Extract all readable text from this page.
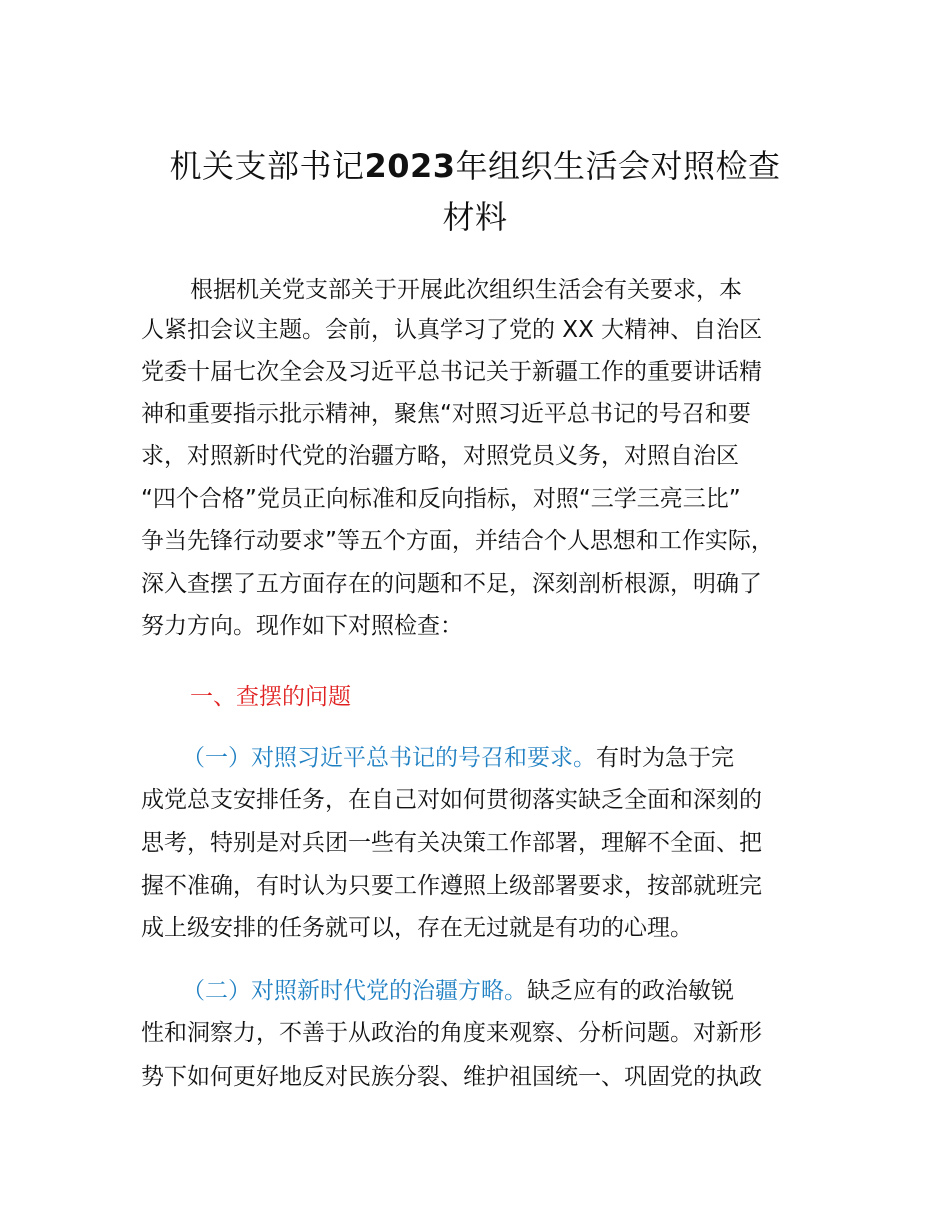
机关支部书记2023年组织生活会对照检查
材料
根据机关党支部关于开展此次组织生活会有关要求，本
人紧扣会议主题。会前，认真学习了党的 XX 大精神、自治区
党委十届七次全会及习近平总书记关于新疆工作的重要讲话精
神和重要指示批示精神，聚焦“对照习近平总书记的号召和要
求，对照新时代党的治疆方略，对照党员义务，对照自治区
“四个合格”党员正向标准和反向指标，对照“三学三亮三比”
争当先锋行动要求”等五个方面，并结合个人思想和工作实际，
深入查摆了五方面存在的问题和不足，深刻剖析根源，明确了
努力方向。现作如下对照检查：
一、查摆的问题
（一）对照习近平总书记的号召和要求。有时为急于完
成党总支安排任务，在自己对如何贯彻落实缺乏全面和深刻的
思考，特别是对兵团一些有关决策工作部署，理解不全面、把
握不准确，有时认为只要工作遵照上级部署要求，按部就班完
成上级安排的任务就可以，存在无过就是有功的心理。
（二）对照新时代党的治疆方略。缺乏应有的政治敏锐
性和洞察力，不善于从政治的角度来观察、分析问题。对新形
势下如何更好地反对民族分裂、维护祖国统一、巩固党的执政
